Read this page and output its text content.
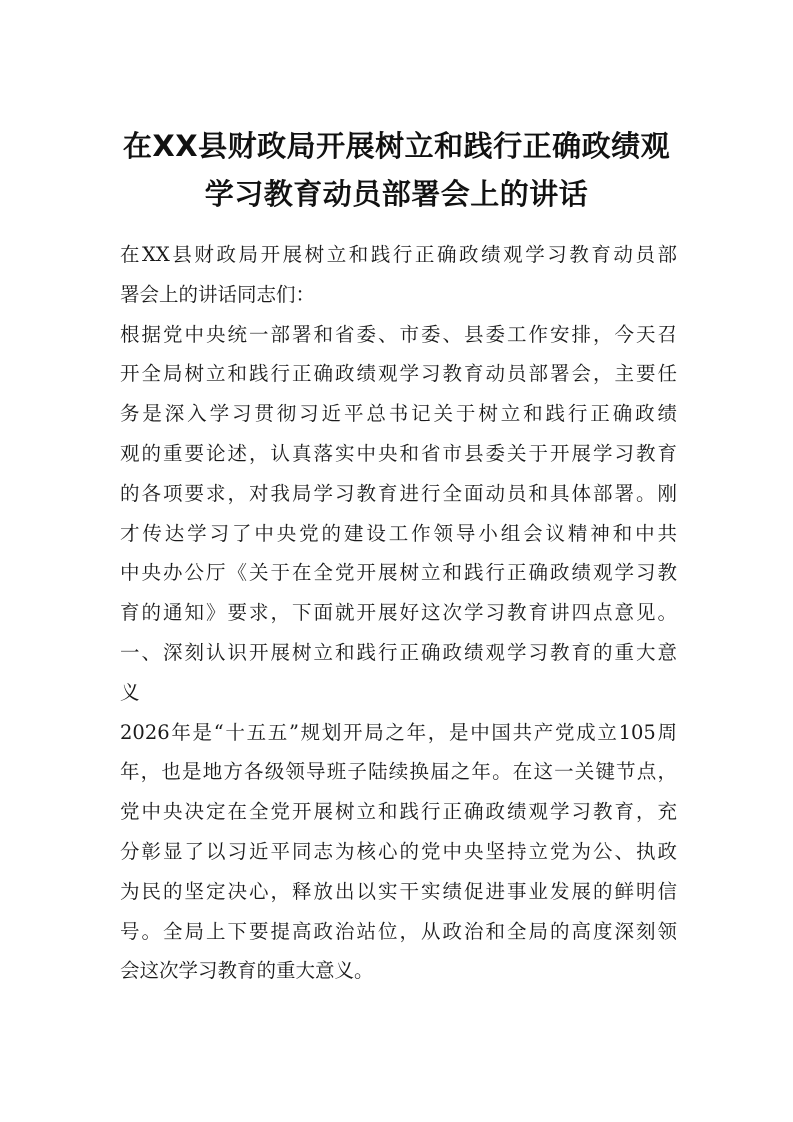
在XX县财政局开展树立和践行正确政绩观
学习教育动员部署会上的讲话
在XX县财政局开展树立和践行正确政绩观学习教育动员部
署会上的讲话同志们：
根据党中央统一部署和省委、市委、县委工作安排，今天召
开全局树立和践行正确政绩观学习教育动员部署会，主要任
务是深入学习贯彻习近平总书记关于树立和践行正确政绩
观的重要论述，认真落实中央和省市县委关于开展学习教育
的各项要求，对我局学习教育进行全面动员和具体部署。刚
才传达学习了中央党的建设工作领导小组会议精神和中共
中央办公厅《关于在全党开展树立和践行正确政绩观学习教
育的通知》要求，下面就开展好这次学习教育讲四点意见。
一、深刻认识开展树立和践行正确政绩观学习教育的重大意
义
2026年是“十五五”规划开局之年，是中国共产党成立105周
年，也是地方各级领导班子陆续换届之年。在这一关键节点，
党中央决定在全党开展树立和践行正确政绩观学习教育，充
分彰显了以习近平同志为核心的党中央坚持立党为公、执政
为民的坚定决心，释放出以实干实绩促进事业发展的鲜明信
号。全局上下要提高政治站位，从政治和全局的高度深刻领
会这次学习教育的重大意义。
